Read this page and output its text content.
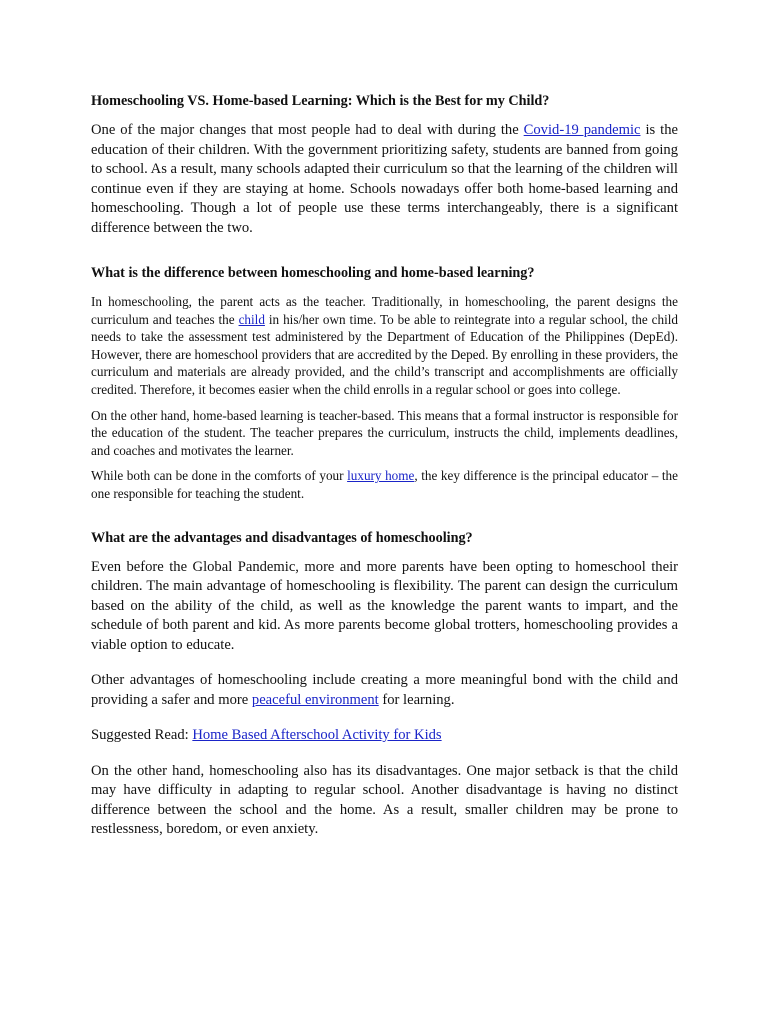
Homeschooling VS. Home-based Learning: Which is the Best for my Child?

One of the major changes that most people had to deal with during the Covid-19 pandemic is the education of their children. With the government prioritizing safety, students are banned from going to school. As a result, many schools adapted their curriculum so that the learning of the children will continue even if they are staying at home. Schools nowadays offer both home-based learning and homeschooling. Though a lot of people use these terms interchangeably, there is a significant difference between the two.

What is the difference between homeschooling and home-based learning?

In homeschooling, the parent acts as the teacher. Traditionally, in homeschooling, the parent designs the curriculum and teaches the child in his/her own time. To be able to reintegrate into a regular school, the child needs to take the assessment test administered by the Department of Education of the Philippines (DepEd). However, there are homeschool providers that are accredited by the Deped. By enrolling in these providers, the curriculum and materials are already provided, and the child’s transcript and accomplishments are officially credited. Therefore, it becomes easier when the child enrolls in a regular school or goes into college.

On the other hand, home-based learning is teacher-based. This means that a formal instructor is responsible for the education of the student. The teacher prepares the curriculum, instructs the child, implements deadlines, and coaches and motivates the learner.

While both can be done in the comforts of your luxury home, the key difference is the principal educator – the one responsible for teaching the student.

What are the advantages and disadvantages of homeschooling?

Even before the Global Pandemic, more and more parents have been opting to homeschool their children. The main advantage of homeschooling is flexibility. The parent can design the curriculum based on the ability of the child, as well as the knowledge the parent wants to impart, and the schedule of both parent and kid. As more parents become global trotters, homeschooling provides a viable option to educate.

Other advantages of homeschooling include creating a more meaningful bond with the child and providing a safer and more peaceful environment for learning.

Suggested Read: Home Based Afterschool Activity for Kids

On the other hand, homeschooling also has its disadvantages. One major setback is that the child may have difficulty in adapting to regular school. Another disadvantage is having no distinct difference between the school and the home. As a result, smaller children may be prone to restlessness, boredom, or even anxiety.
